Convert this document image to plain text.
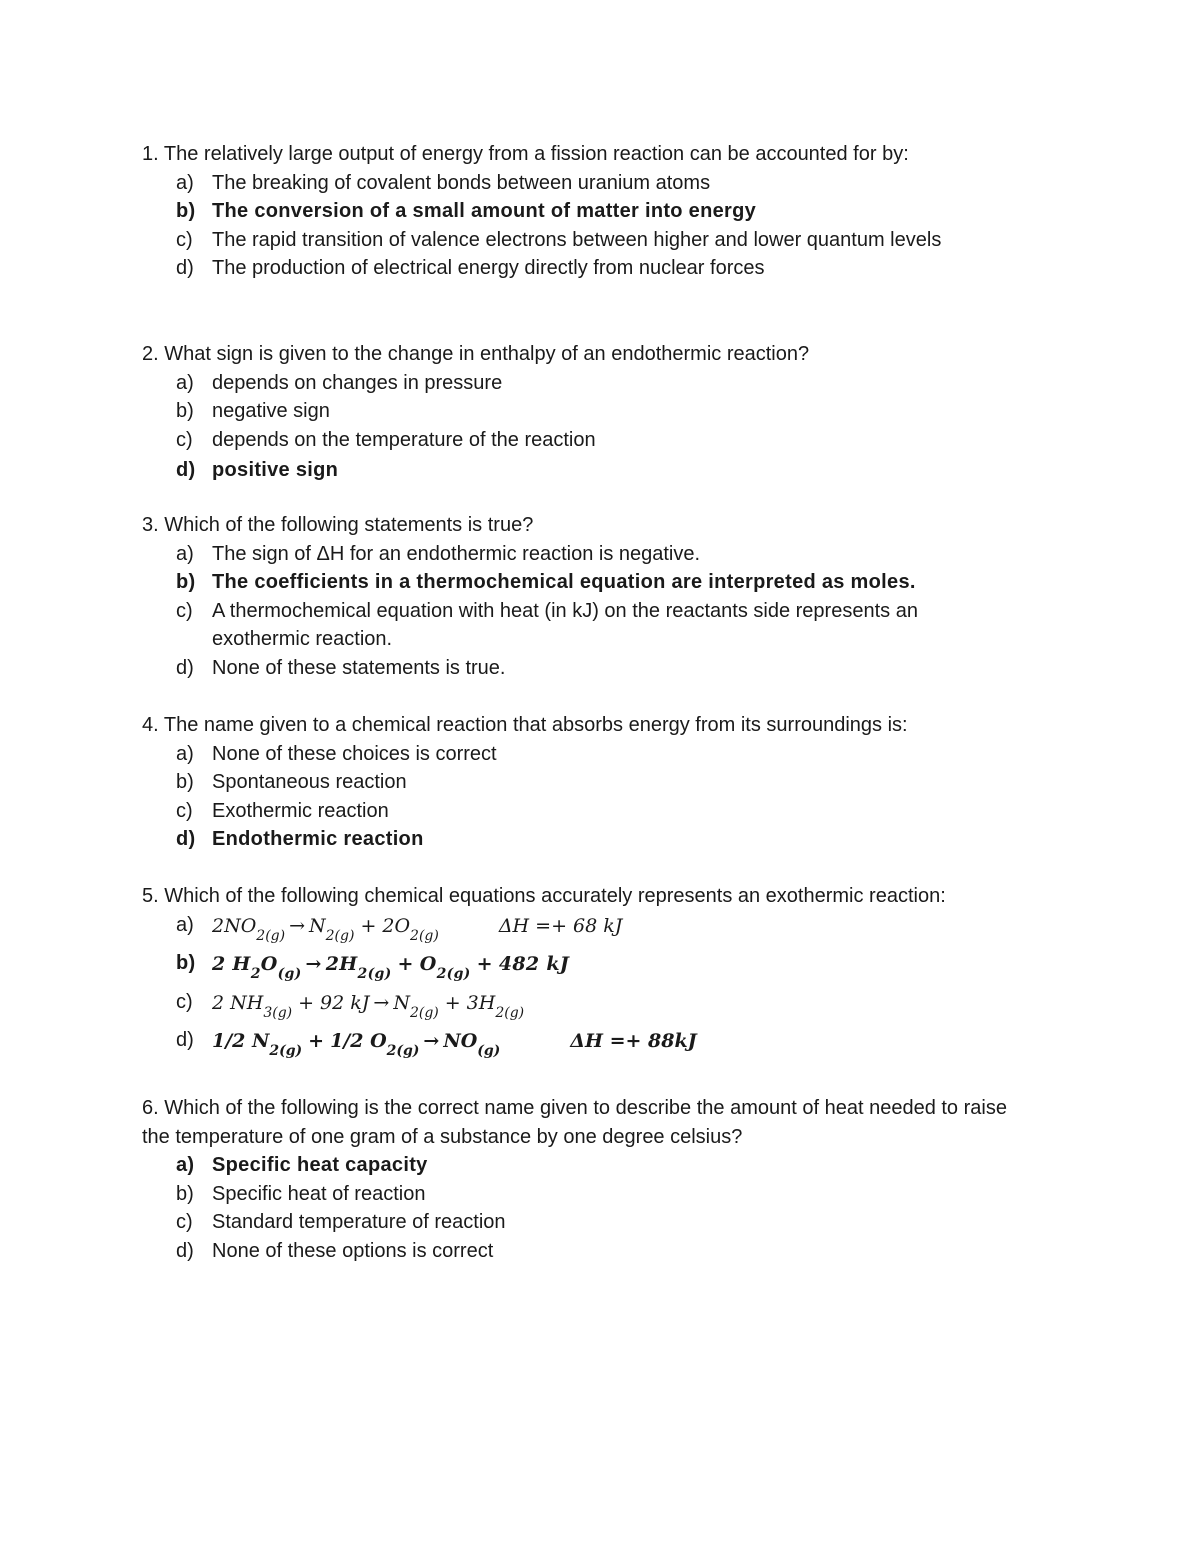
1. The relatively large output of energy from a fission reaction can be accounted for by:

a) The breaking of covalent bonds between uranium atoms
b) The conversion of a small amount of matter into energy
c) The rapid transition of valence electrons between higher and lower quantum levels
d) The production of electrical energy directly from nuclear forces

2. What sign is given to the change in enthalpy of an endothermic reaction?

a) depends on changes in pressure
b) negative sign
c) depends on the temperature of the reaction
d) positive sign

3. Which of the following statements is true?

a) The sign of ΔH for an endothermic reaction is negative.
b) The coefficients in a thermochemical equation are interpreted as moles.
c) A thermochemical equation with heat (in kJ) on the reactants side represents an exothermic reaction.
d) None of these statements is true.

4. The name given to a chemical reaction that absorbs energy from its surroundings is:

a) None of these choices is correct
b) Spontaneous reaction
c) Exothermic reaction
d) Endothermic reaction

5. Which of the following chemical equations accurately represents an exothermic reaction:

a) $2NO_{2(g)} \to N_{2(g)} + 2O_{2(g)}$	ΔH =+ 68 kJ
b) 2 $H_2O_{(g)} \to 2H_{2(g)} + O_{2(g)} + 482$ kJ
c) 2 $NH_{3(g)} + 92$ kJ → $N_{2(g)} + 3H_{2(g)}$
d) 1/2 $N_{2(g)} + 1/2$ $O_{2(g)} \to NO_{(g)}$	ΔH =+ 88kJ

6. Which of the following is the correct name given to describe the amount of heat needed to raise the temperature of one gram of a substance by one degree celsius?

a) Specific heat capacity
b) Specific heat of reaction
c) Standard temperature of reaction
d) None of these options is correct
